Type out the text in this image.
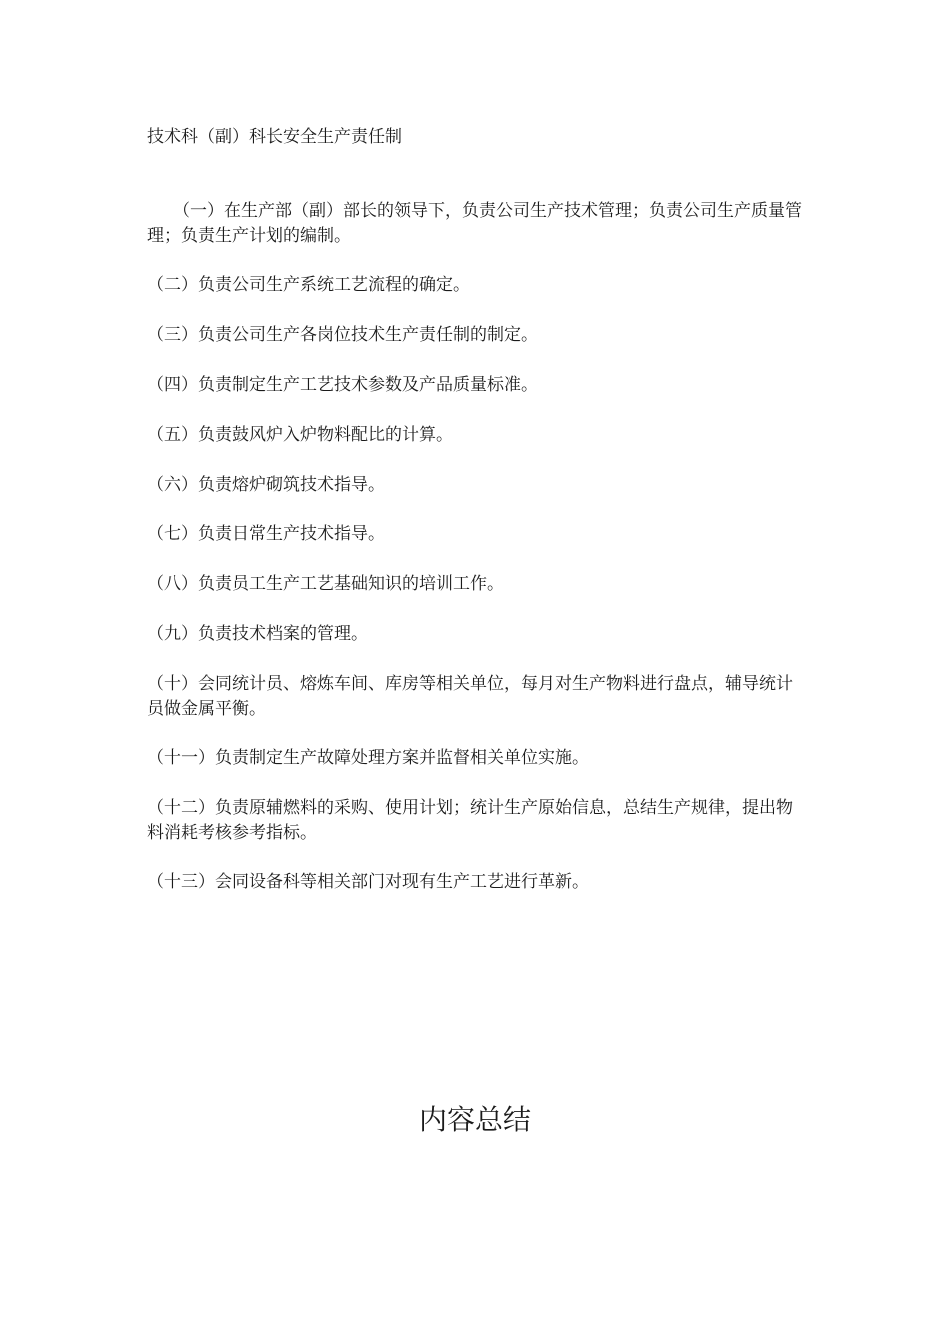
技术科（副）科长安全生产责任制

（一）在生产部（副）部长的领导下，负责公司生产技术管理；负责公司生产质量管理；负责生产计划的编制。

（二）负责公司生产系统工艺流程的确定。

（三）负责公司生产各岗位技术生产责任制的制定。

（四）负责制定生产工艺技术参数及产品质量标准。

（五）负责鼓风炉入炉物料配比的计算。

（六）负责熔炉砌筑技术指导。

（七）负责日常生产技术指导。

（八）负责员工生产工艺基础知识的培训工作。

（九）负责技术档案的管理。

（十）会同统计员、熔炼车间、库房等相关单位，每月对生产物料进行盘点，辅导统计员做金属平衡。

（十一）负责制定生产故障处理方案并监督相关单位实施。

（十二）负责原辅燃料的采购、使用计划；统计生产原始信息，总结生产规律，提出物料消耗考核参考指标。

（十三）会同设备科等相关部门对现有生产工艺进行革新。

内容总结
